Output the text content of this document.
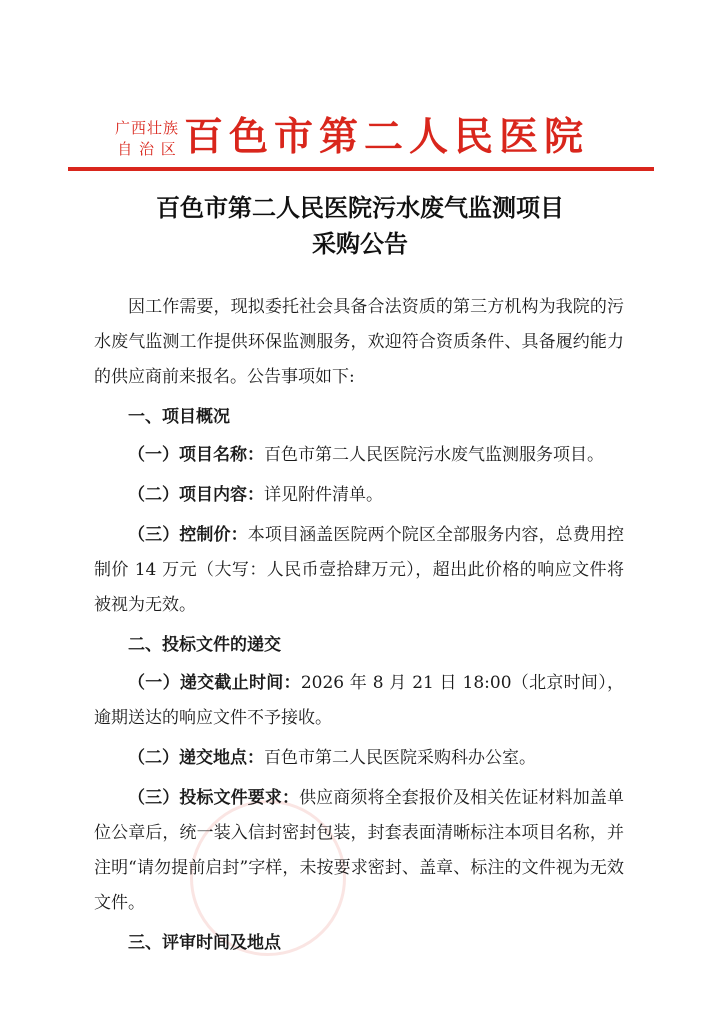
广西壮族
自 治 区 百色市第二人民医院
百色市第二人民医院污水废气监测项目
采购公告

因工作需要，现拟委托社会具备合法资质的第三方机构为我院的污水废气监测工作提供环保监测服务，欢迎符合资质条件、具备履约能力的供应商前来报名。公告事项如下:

一、项目概况

（一）项目名称：百色市第二人民医院污水废气监测服务项目。

（二）项目内容：详见附件清单。

（三）控制价：本项目涵盖医院两个院区全部服务内容，总费用控制价 14 万元（大写：人民币壹拾肆万元），超出此价格的响应文件将被视为无效。

二、投标文件的递交

（一）递交截止时间：2026 年 8 月 21 日 18:00（北京时间），逾期送达的响应文件不予接收。

（二）递交地点：百色市第二人民医院采购科办公室。

（三）投标文件要求：供应商须将全套报价及相关佐证材料加盖单位公章后，统一装入信封密封包装，封套表面清晰标注本项目名称，并注明“请勿提前启封”字样，未按要求密封、盖章、标注的文件视为无效文件。

三、评审时间及地点
